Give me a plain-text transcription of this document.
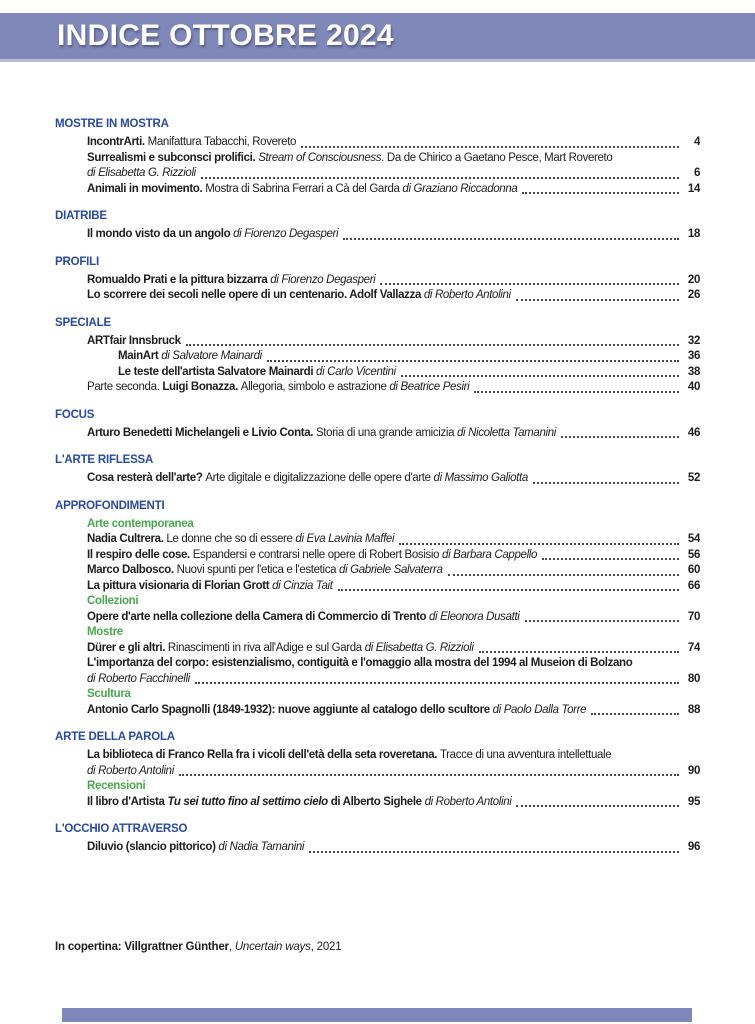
INDICE OTTOBRE 2024
MOSTRE IN MOSTRA
IncontrArti. Manifattura Tabacchi, Rovereto	4
Surrealismi e subconsci prolifici. Stream of Consciousness. Da de Chirico a Gaetano Pesce, Mart Rovereto
di Elisabetta G. Rizzioli	6
Animali in movimento. Mostra di Sabrina Ferrari a Cà del Garda di Graziano Riccadonna	14
DIATRIBE
Il mondo visto da un angolo di Fiorenzo Degasperi	18
PROFILI
Romualdo Prati e la pittura bizzarra di Fiorenzo Degasperi	20
Lo scorrere dei secoli nelle opere di un centenario. Adolf Vallazza di Roberto Antolini	26
SPECIALE
ARTfair Innsbruck	32
MainArt di Salvatore Mainardi	36
Le teste dell'artista Salvatore Mainardi di Carlo Vicentini	38
Parte seconda. Luigi Bonazza. Allegoria, simbolo e astrazione di Beatrice Pesiri	40
FOCUS
Arturo Benedetti Michelangeli e Livio Conta. Storia di una grande amicizia di Nicoletta Tamanini	46
L'ARTE RIFLESSA
Cosa resterà dell'arte? Arte digitale e digitalizzazione delle opere d'arte di Massimo Galiotta	52
APPROFONDIMENTI
Arte contemporanea
Nadia Cultrera. Le donne che so di essere di Eva Lavinia Maffei	54
Il respiro delle cose. Espandersi e contrarsi nelle opere di Robert Bosisio di Barbara Cappello	56
Marco Dalbosco. Nuovi spunti per l'etica e l'estetica di Gabriele Salvaterra	60
La pittura visionaria di Florian Grott di Cinzia Tait	66
Collezioni
Opere d'arte nella collezione della Camera di Commercio di Trento di Eleonora Dusatti	70
Mostre
Dürer e gli altri. Rinascimenti in riva all'Adige e sul Garda di Elisabetta G. Rizzioli	74
L'importanza del corpo: esistenzialismo, contiguità e l'omaggio alla mostra del 1994 al Museion di Bolzano
di Roberto Facchinelli	80
Scultura
Antonio Carlo Spagnolli (1849-1932): nuove aggiunte al catalogo dello scultore di Paolo Dalla Torre	88
ARTE DELLA PAROLA
La biblioteca di Franco Rella fra i vicoli dell'età della seta roveretana. Tracce di una avventura intellettuale
di Roberto Antolini	90
Recensioni
Il libro d'Artista Tu sei tutto fino al settimo cielo di Alberto Sighele di Roberto Antolini	95
L'OCCHIO ATTRAVERSO
Diluvio (slancio pittorico) di Nadia Tamanini	96
In copertina: Villgrattner Günther, Uncertain ways, 2021
